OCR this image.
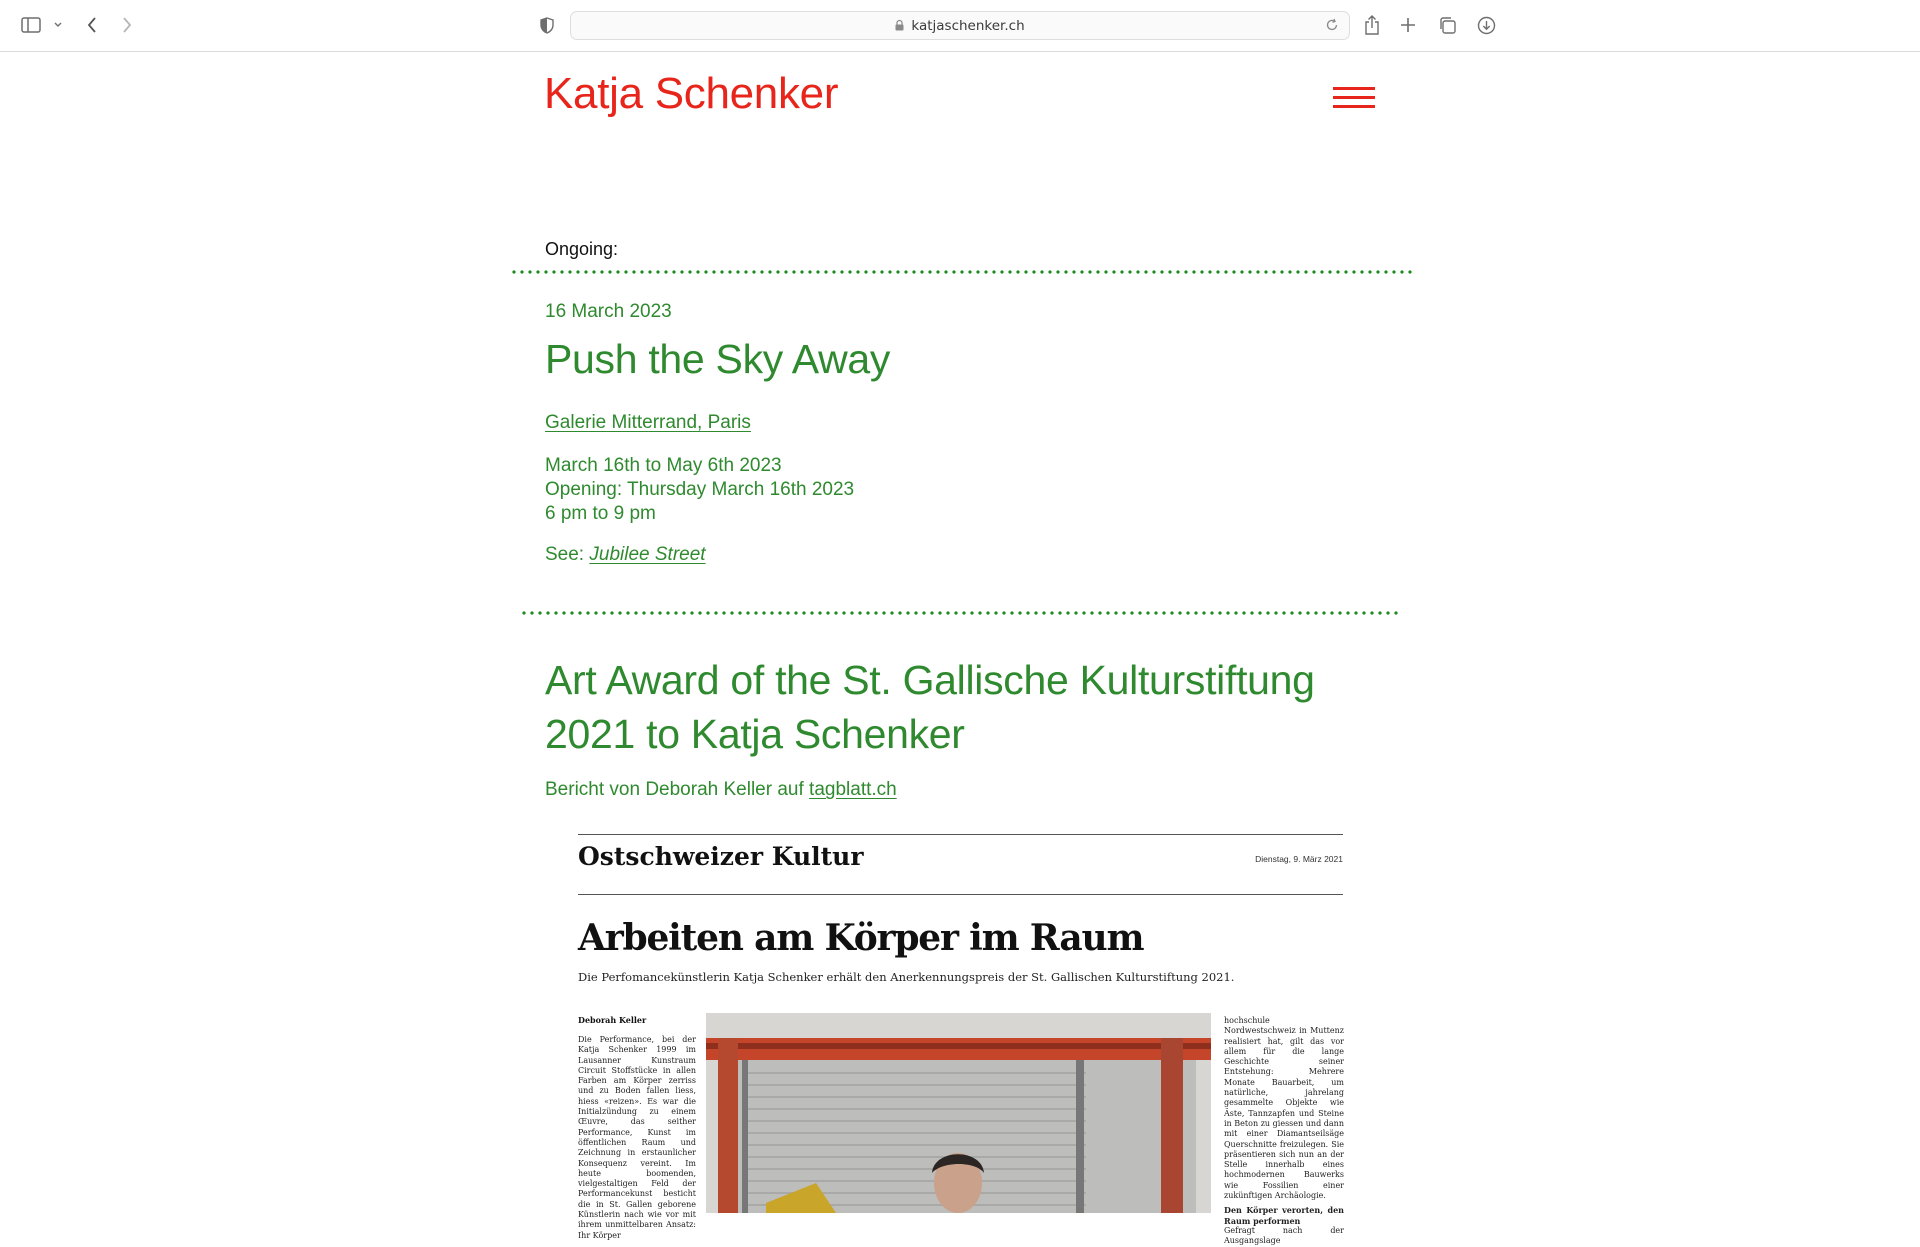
katjaschenker.ch
Katja Schenker
Ongoing:
16 March 2023
Push the Sky Away
Galerie Mitterrand, Paris
March 16th to May 6th 2023
Opening: Thursday March 16th 2023
6 pm to 9 pm
See: Jubilee Street
Art Award of the St. Gallische Kulturstiftung 2021 to Katja Schenker
Bericht von Deborah Keller auf tagblatt.ch
Ostschweizer Kultur	Dienstag, 9. März 2021
Arbeiten am Körper im Raum
Die Perfomancekünstlerin Katja Schenker erhält den Anerkennungspreis der St. Gallischen Kulturstiftung 2021.
Deborah Keller
Die Performance, bei der Katja Schenker 1999 im Lausanner Kunstraum Circuit Stoffstücke in allen Farben am Körper zerriss und zu Boden fallen liess, hiess «reizen». Es war die Initialzündung zu einem Œuvre, das seither Performance, Kunst im öffentlichen Raum und Zeichnung in erstaunlicher Konsequenz vereint. Im heute boomenden, vielgestaltigen Feld der Performancekunst besticht die in St. Gallen geborene Künstlerin nach wie vor mit ihrem unmittelbaren Ansatz: Ihr Körper
hochschule Nordwestschweiz in Muttenz realisiert hat, gilt das vor allem für die lange Geschichte seiner Entstehung: Mehrere Monate Bauarbeit, um natürliche, jahrelang gesammelte Objekte wie Äste, Tannzapfen und Steine in Beton zu giessen und dann mit einer Diamantseilsäge Querschnitte freizulegen. Sie präsentieren sich nun an der Stelle innerhalb eines hochmodernen Bauwerks wie Fossilien einer zukünftigen Archäologie.
Den Körper verorten, den Raum performen
Gefragt nach der Ausgangslage
